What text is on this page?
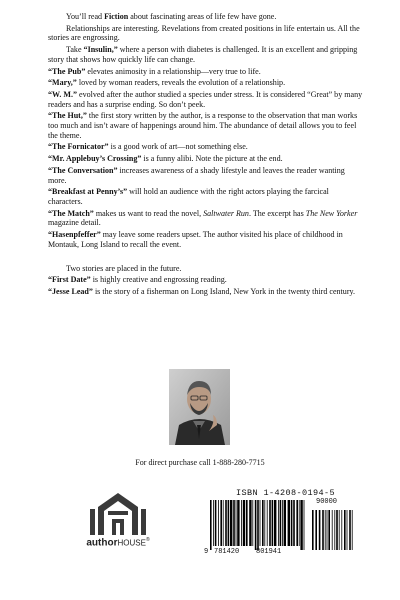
You’ll read Fiction about fascinating areas of life few have gone.

Relationships are interesting. Revelations from created positions in life entertain us. All the stories are engrossing.

Take “Insulin,” where a person with diabetes is challenged. It is an excellent and gripping story that shows how quickly life can change.

“The Pub” elevates animosity in a relationship—very true to life.

“Mary,” loved by woman readers, reveals the evolution of a relationship.

“W. M.” evolved after the author studied a species under stress. It is considered “Great” by many readers and has a surprise ending. So don’t peek.

“The Hut,” the first story written by the author, is a response to the observation that man works too much and isn’t aware of happenings around him. The abundance of detail allows you to feel the theme.

“The Fornicator” is a good work of art—not something else.

“Mr. Applebuy’s Crossing” is a funny alibi. Note the picture at the end.

“The Conversation” increases awareness of a shady lifestyle and leaves the reader wanting more.

“Breakfast at Penny’s” will hold an audience with the right actors playing the farcical characters.

“The Match” makes us want to read the novel, Saltwater Run. The excerpt has The New Yorker magazine detail.

“Hasenpfeffer” may leave some readers upset. The author visited his place of childhood in Montauk, Long Island to recall the event.

Two stories are placed in the future.

“First Date” is highly creative and engrossing reading.

“Jesse Lead” is the story of a fisherman on Long Island, New York in the twenty third century.

For direct purchase call 1-888-280-7715
authorHOUSE®
ISBN 1-4208-0194-5
9 781420 801941
90000
